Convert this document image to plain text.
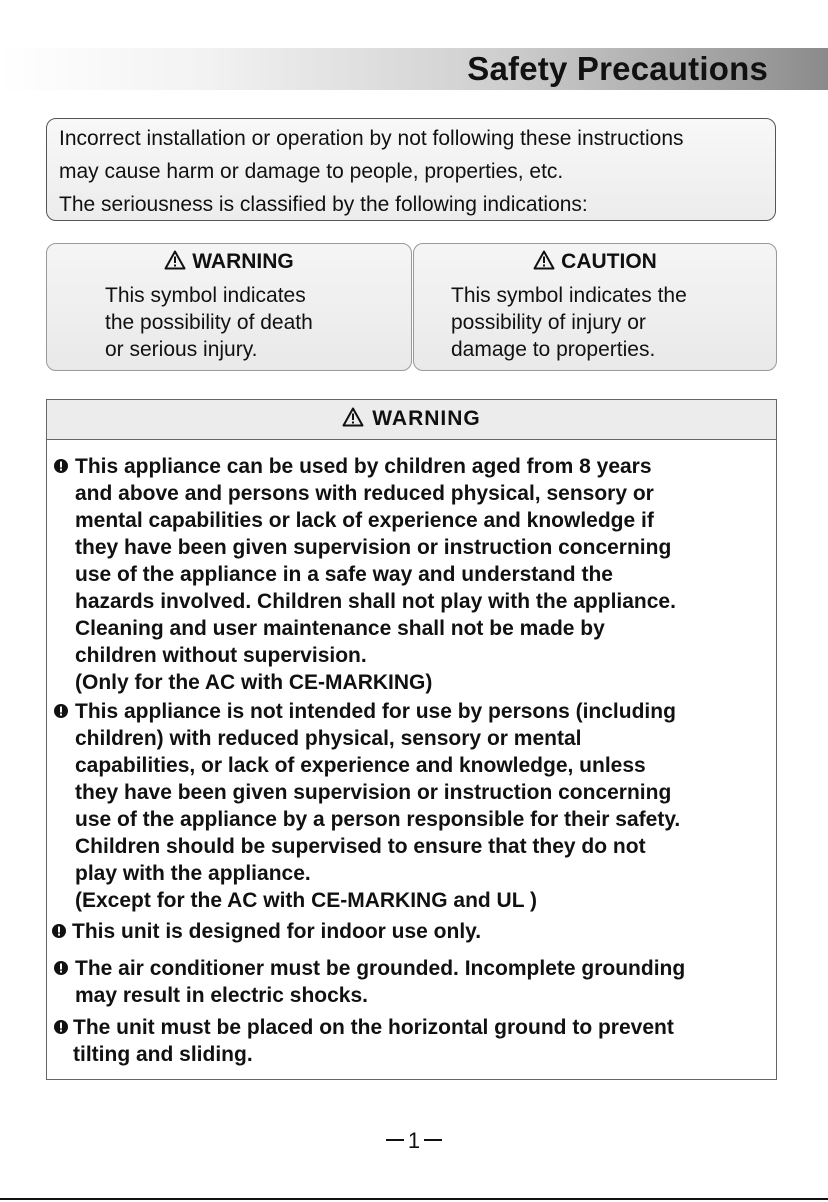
Safety Precautions
Incorrect installation or operation by not following these instructions
may cause harm or damage to people, properties, etc.
The seriousness is classified by the following indications:
WARNING
This symbol indicates
the possibility of death
or serious injury.
CAUTION
This symbol indicates the
possibility of injury or
damage to properties.
WARNING
This appliance can be used by children aged from 8 years
and above and persons with reduced physical, sensory or
mental capabilities or lack of experience and knowledge if
they have been given supervision or instruction concerning
use of the appliance in a safe way and understand the
hazards involved. Children shall not play with the appliance.
Cleaning and user maintenance shall not be made by
children without supervision.
(Only for the AC with CE-MARKING)
This appliance is not intended for use by persons (including
children) with reduced physical, sensory or mental
capabilities, or lack of experience and knowledge, unless
they have been given supervision or instruction concerning
use of the appliance by a person responsible for their safety.
Children should be supervised to ensure that they do not
play with the appliance.
(Except for the AC with CE-MARKING and UL )
This unit is designed for indoor use only.
The air conditioner must be grounded. Incomplete grounding
may result in electric shocks.
The unit must be placed on the horizontal ground to prevent
tilting and sliding.
1
